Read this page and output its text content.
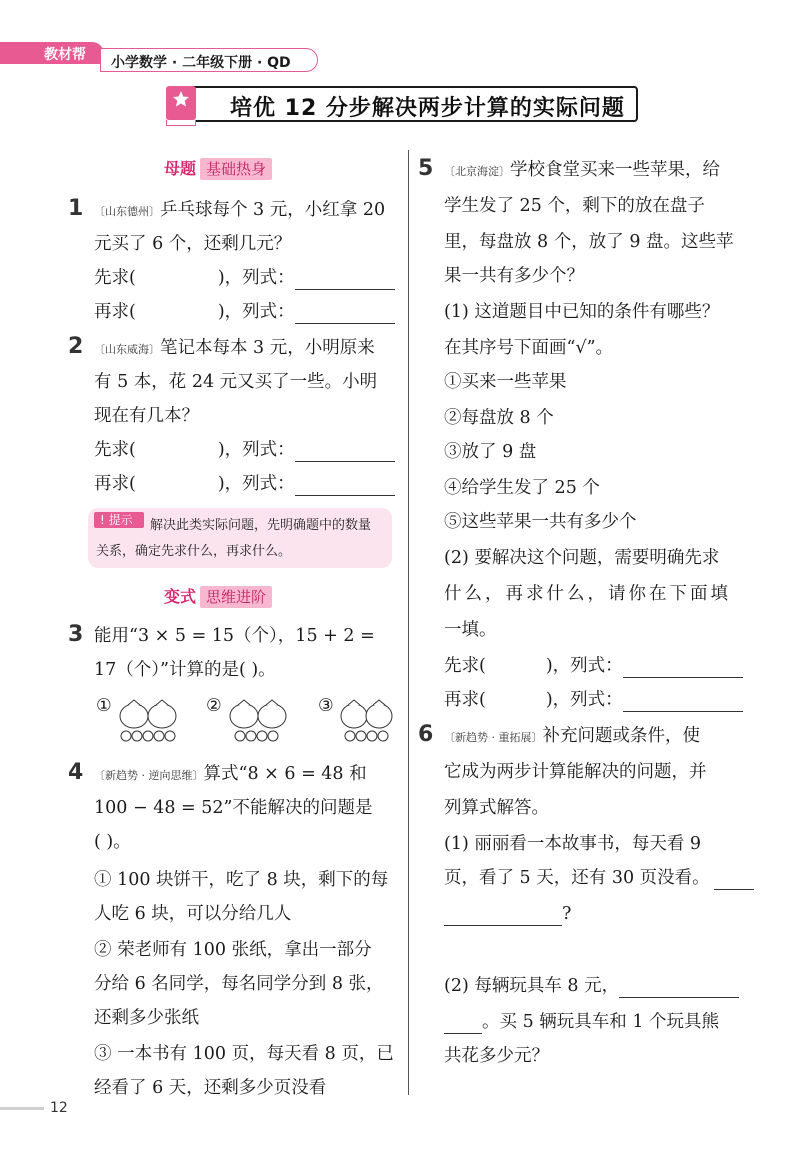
教材帮 小学数学 · 二年级下册 · QD
培优 12 分步解决两步计算的实际问题
母题 基础热身
1 〔山东德州〕乒乓球每个 3 元，小红拿 20
元买了 6 个，还剩几元？
先求(	)，列式：
再求(	)，列式：
2 〔山东威海〕笔记本每本 3 元，小明原来
有 5 本，花 24 元又买了一些。小明
现在有几本？
先求(	)，列式：
再求(	)，列式：
! 提示	解决此类实际问题，先明确题中的数量
关系，确定先求什么，再求什么。
变式 思维进阶
3 能用“3 × 5 = 15（个），15 + 2 =
17（个）”计算的是( )。
①	②	③
4 〔新趋势 · 逆向思维〕算式“8 × 6 = 48 和
100 − 48 = 52”不能解决的问题是
( )。
① 100 块饼干，吃了 8 块，剩下的每
人吃 6 块，可以分给几人
② 荣老师有 100 张纸，拿出一部分
分给 6 名同学，每名同学分到 8 张，
还剩多少张纸
③ 一本书有 100 页，每天看 8 页，已
经看了 6 天，还剩多少页没看
5 〔北京海淀〕学校食堂买来一些苹果，给
学生发了 25 个，剩下的放在盘子
里，每盘放 8 个，放了 9 盘。这些苹
果一共有多少个？
(1) 这道题目中已知的条件有哪些？
在其序号下面画“√”。
①买来一些苹果
②每盘放 8 个
③放了 9 盘
④给学生发了 25 个
⑤这些苹果一共有多少个
(2) 要解决这个问题，需要明确先求
什么，再求什么，请你在下面填
一填。
先求(	)，列式：
再求(	)，列式：
6 〔新趋势 · 重拓展〕补充问题或条件，使
它成为两步计算能解决的问题，并
列算式解答。
(1) 丽丽看一本故事书，每天看 9
页，看了 5 天，还有 30 页没看。
?
(2) 每辆玩具车 8 元，
。买 5 辆玩具车和 1 个玩具熊
共花多少元？
12
